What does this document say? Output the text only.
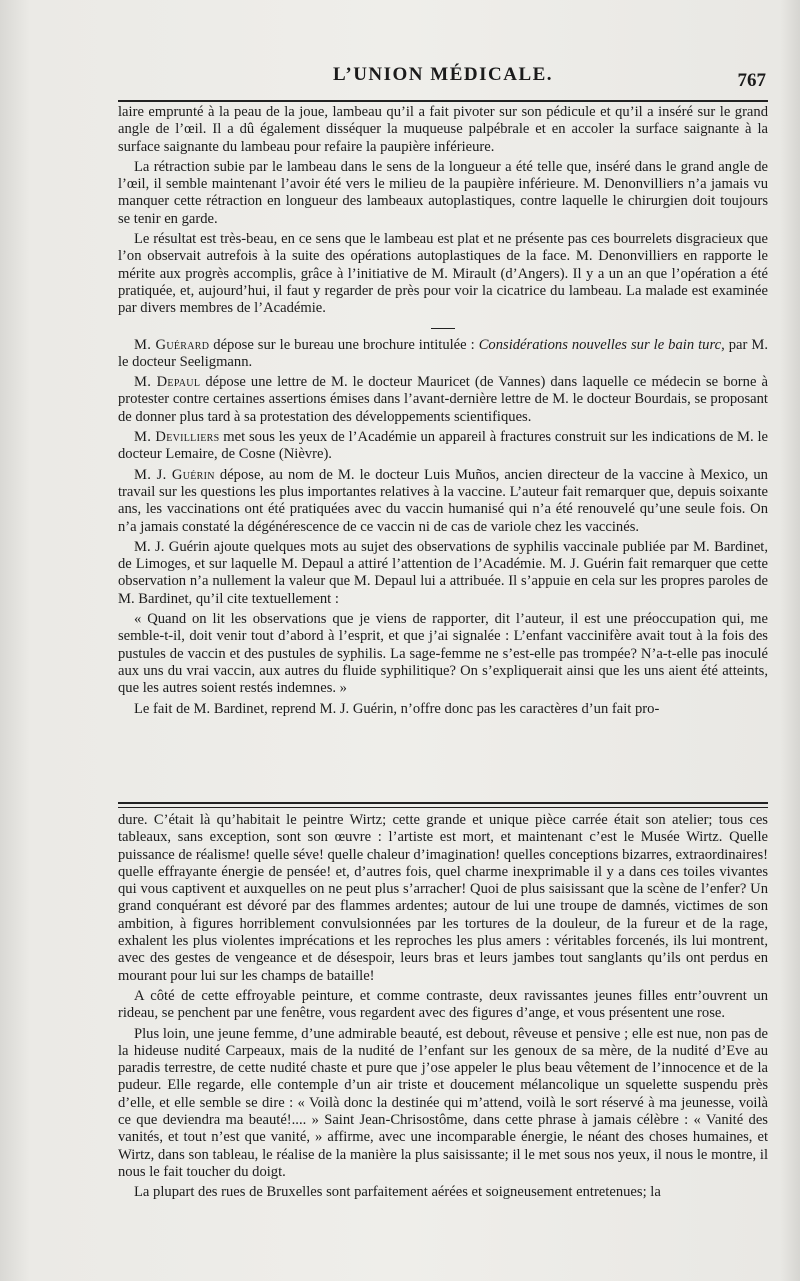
L’UNION MÉDICALE.	767

laire emprunté à la peau de la joue, lambeau qu’il a fait pivoter sur son pédicule et qu’il a inséré sur le grand angle de l’œil. Il a dû également disséquer la muqueuse palpébrale et en accoler la surface saignante à la surface saignante du lambeau pour refaire la paupière inférieure.

La rétraction subie par le lambeau dans le sens de la longueur a été telle que, inséré dans le grand angle de l’œil, il semble maintenant l’avoir été vers le milieu de la paupière inférieure. M. Denonvilliers n’a jamais vu manquer cette rétraction en longueur des lambeaux autoplastiques, contre laquelle le chirurgien doit toujours se tenir en garde.

Le résultat est très-beau, en ce sens que le lambeau est plat et ne présente pas ces bourrelets disgracieux que l’on observait autrefois à la suite des opérations autoplastiques de la face. M. Denonvilliers en rapporte le mérite aux progrès accomplis, grâce à l’initiative de M. Mirault (d’Angers). Il y a un an que l’opération a été pratiquée, et, aujourd’hui, il faut y regarder de près pour voir la cicatrice du lambeau. La malade est examinée par divers membres de l’Académie.

M. Guérard dépose sur le bureau une brochure intitulée : Considérations nouvelles sur le bain turc, par M. le docteur Seeligmann.

M. Depaul dépose une lettre de M. le docteur Mauricet (de Vannes) dans laquelle ce médecin se borne à protester contre certaines assertions émises dans l’avant-dernière lettre de M. le docteur Bourdais, se proposant de donner plus tard à sa protestation des développements scientifiques.

M. Devilliers met sous les yeux de l’Académie un appareil à fractures construit sur les indications de M. le docteur Lemaire, de Cosne (Nièvre).

M. J. Guérin dépose, au nom de M. le docteur Luis Muños, ancien directeur de la vaccine à Mexico, un travail sur les questions les plus importantes relatives à la vaccine. L’auteur fait remarquer que, depuis soixante ans, les vaccinations ont été pratiquées avec du vaccin humanisé qui n’a été renouvelé qu’une seule fois. On n’a jamais constaté la dégénérescence de ce vaccin ni de cas de variole chez les vaccinés.

M. J. Guérin ajoute quelques mots au sujet des observations de syphilis vaccinale publiée par M. Bardinet, de Limoges, et sur laquelle M. Depaul a attiré l’attention de l’Académie. M. J. Guérin fait remarquer que cette observation n’a nullement la valeur que M. Depaul lui a attribuée. Il s’appuie en cela sur les propres paroles de M. Bardinet, qu’il cite textuellement :

« Quand on lit les observations que je viens de rapporter, dit l’auteur, il est une préoccupation qui, me semble-t-il, doit venir tout d’abord à l’esprit, et que j’ai signalée : L’enfant vaccinifère avait tout à la fois des pustules de vaccin et des pustules de syphilis. La sage-femme ne s’est-elle pas trompée? N’a-t-elle pas inoculé aux uns du vrai vaccin, aux autres du fluide syphilitique? On s’expliquerait ainsi que les uns aient été atteints, que les autres soient restés indemnes. »

Le fait de M. Bardinet, reprend M. J. Guérin, n’offre donc pas les caractères d’un fait pro-

dure. C’était là qu’habitait le peintre Wirtz; cette grande et unique pièce carrée était son atelier; tous ces tableaux, sans exception, sont son œuvre : l’artiste est mort, et maintenant c’est le Musée Wirtz. Quelle puissance de réalisme! quelle séve! quelle chaleur d’imagination! quelles conceptions bizarres, extraordinaires! quelle effrayante énergie de pensée! et, d’autres fois, quel charme inexprimable il y a dans ces toiles vivantes qui vous captivent et auxquelles on ne peut plus s’arracher! Quoi de plus saisissant que la scène de l’enfer? Un grand conquérant est dévoré par des flammes ardentes; autour de lui une troupe de damnés, victimes de son ambition, à figures horriblement convulsionnées par les tortures de la douleur, de la fureur et de la rage, exhalent les plus violentes imprécations et les reproches les plus amers : véritables forcenés, ils lui montrent, avec des gestes de vengeance et de désespoir, leurs bras et leurs jambes tout sanglants qu’ils ont perdus en mourant pour lui sur les champs de bataille!

A côté de cette effroyable peinture, et comme contraste, deux ravissantes jeunes filles entr’ouvrent un rideau, se penchent par une fenêtre, vous regardent avec des figures d’ange, et vous présentent une rose.

Plus loin, une jeune femme, d’une admirable beauté, est debout, rêveuse et pensive ; elle est nue, non pas de la hideuse nudité Carpeaux, mais de la nudité de l’enfant sur les genoux de sa mère, de la nudité d’Eve au paradis terrestre, de cette nudité chaste et pure que j’ose appeler le plus beau vêtement de l’innocence et de la pudeur. Elle regarde, elle contemple d’un air triste et doucement mélancolique un squelette suspendu près d’elle, et elle semble se dire : « Voilà donc la destinée qui m’attend, voilà le sort réservé à ma jeunesse, voilà ce que deviendra ma beauté!.... » Saint Jean-Chrisostôme, dans cette phrase à jamais célèbre : « Vanité des vanités, et tout n’est que vanité, » affirme, avec une incomparable énergie, le néant des choses humaines, et Wirtz, dans son tableau, le réalise de la manière la plus saisissante; il le met sous nos yeux, il nous le montre, il nous le fait toucher du doigt.

La plupart des rues de Bruxelles sont parfaitement aérées et soigneusement entretenues; la
